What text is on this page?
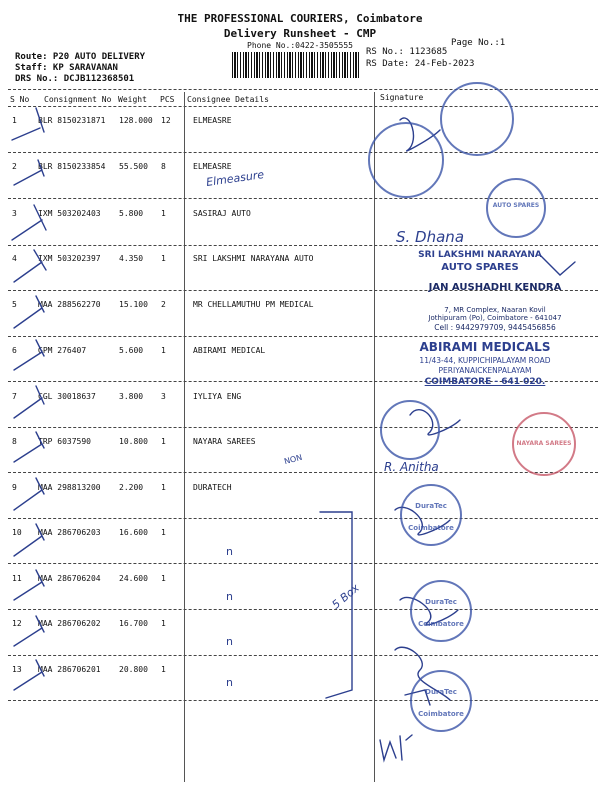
THE PROFESSIONAL COURIERS, Coimbatore
Delivery Runsheet - CMP
Phone No.:0422-3505555	Page No.:1
Route: P20 AUTO DELIVERY
Staff: KP SARAVANAN
DRS No.: DCJB112368501
RS No.: 1123685
RS Date: 24-Feb-2023
S No Consignment No Weight PCS Consignee Details	Signature
1	BLR 8150231871 128.000 12	ELMEASRE
2	BLR 8150233854 55.500 8	ELMEASRE
3	IXM 503202403 5.800 1	SASIRAJ AUTO
4	IXM 503202397 4.350 1	SRI LAKSHMI NARAYANA AUTO
5	MAA 288562270 15.100 2	MR CHELLAMUTHU PM MEDICAL
6	GPM 276407	5.600 1	ABIRAMI MEDICAL
7	CGL 30018637	3.800 3	IYLIYA ENG
8	TRP 6037590	10.800 1	NAYARA SAREES
9	MAA 298813200 2.200 1	DURATECH
10 MAA 286706203 16.600 1
11 MAA 286706204 24.600 1
12 MAA 286706202 16.700 1
13 MAA 286706201 20.800 1
Elmeasure
S. Dhana
NON
R. Anitha
5 Box
n
n
n
n
AUTO SPARES
SRI LAKSHMI NARAYANA
AUTO SPARES
JAN AUSHADHI KENDRA
7, MR Complex, Naaran Kovil
Jothipuram (Po), Coimbatore - 641047
Cell : 9442979709, 9445456856
ABIRAMI MEDICALS
11/43-44, KUPPICHIPALAYAM ROAD
PERIYANAICKENPALAYAM
COIMBATORE - 641 020.
NAYARA SAREES
DuraTec
Coimbatore
DuraTec
Coimbatore
DuraTec
Coimbatore
